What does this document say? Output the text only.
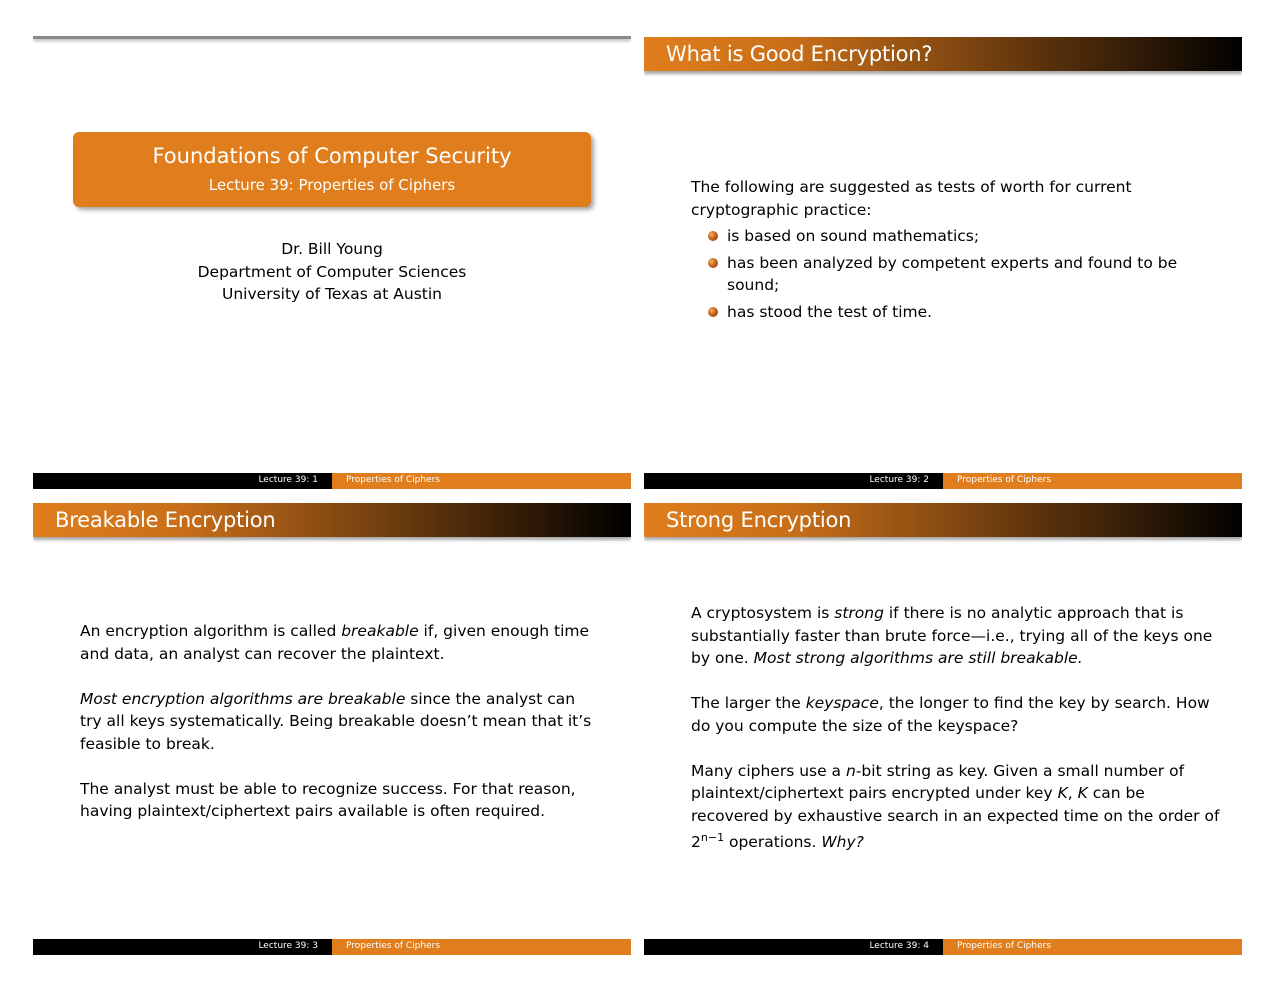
Foundations of Computer Security
Lecture 39: Properties of Ciphers
Dr. Bill Young
Department of Computer Sciences
University of Texas at Austin
Lecture 39: 1	Properties of Ciphers
What is Good Encryption?
The following are suggested as tests of worth for current cryptographic practice:
is based on sound mathematics;
has been analyzed by competent experts and found to be sound;
has stood the test of time.
Lecture 39: 2	Properties of Ciphers
Breakable Encryption

An encryption algorithm is called breakable if, given enough time and data, an analyst can recover the plaintext.

Most encryption algorithms are breakable since the analyst can try all keys systematically. Being breakable doesn’t mean that it’s feasible to break.

The analyst must be able to recognize success. For that reason, having plaintext/ciphertext pairs available is often required.

Lecture 39: 3	Properties of Ciphers
Strong Encryption

A cryptosystem is strong if there is no analytic approach that is substantially faster than brute force—i.e., trying all of the keys one by one. Most strong algorithms are still breakable.

The larger the keyspace, the longer to find the key by search. How do you compute the size of the keyspace?

Many ciphers use a n-bit string as key. Given a small number of plaintext/ciphertext pairs encrypted under key K, K can be recovered by exhaustive search in an expected time on the order of $2^{n-1}$ operations. Why?

Lecture 39: 4	Properties of Ciphers
